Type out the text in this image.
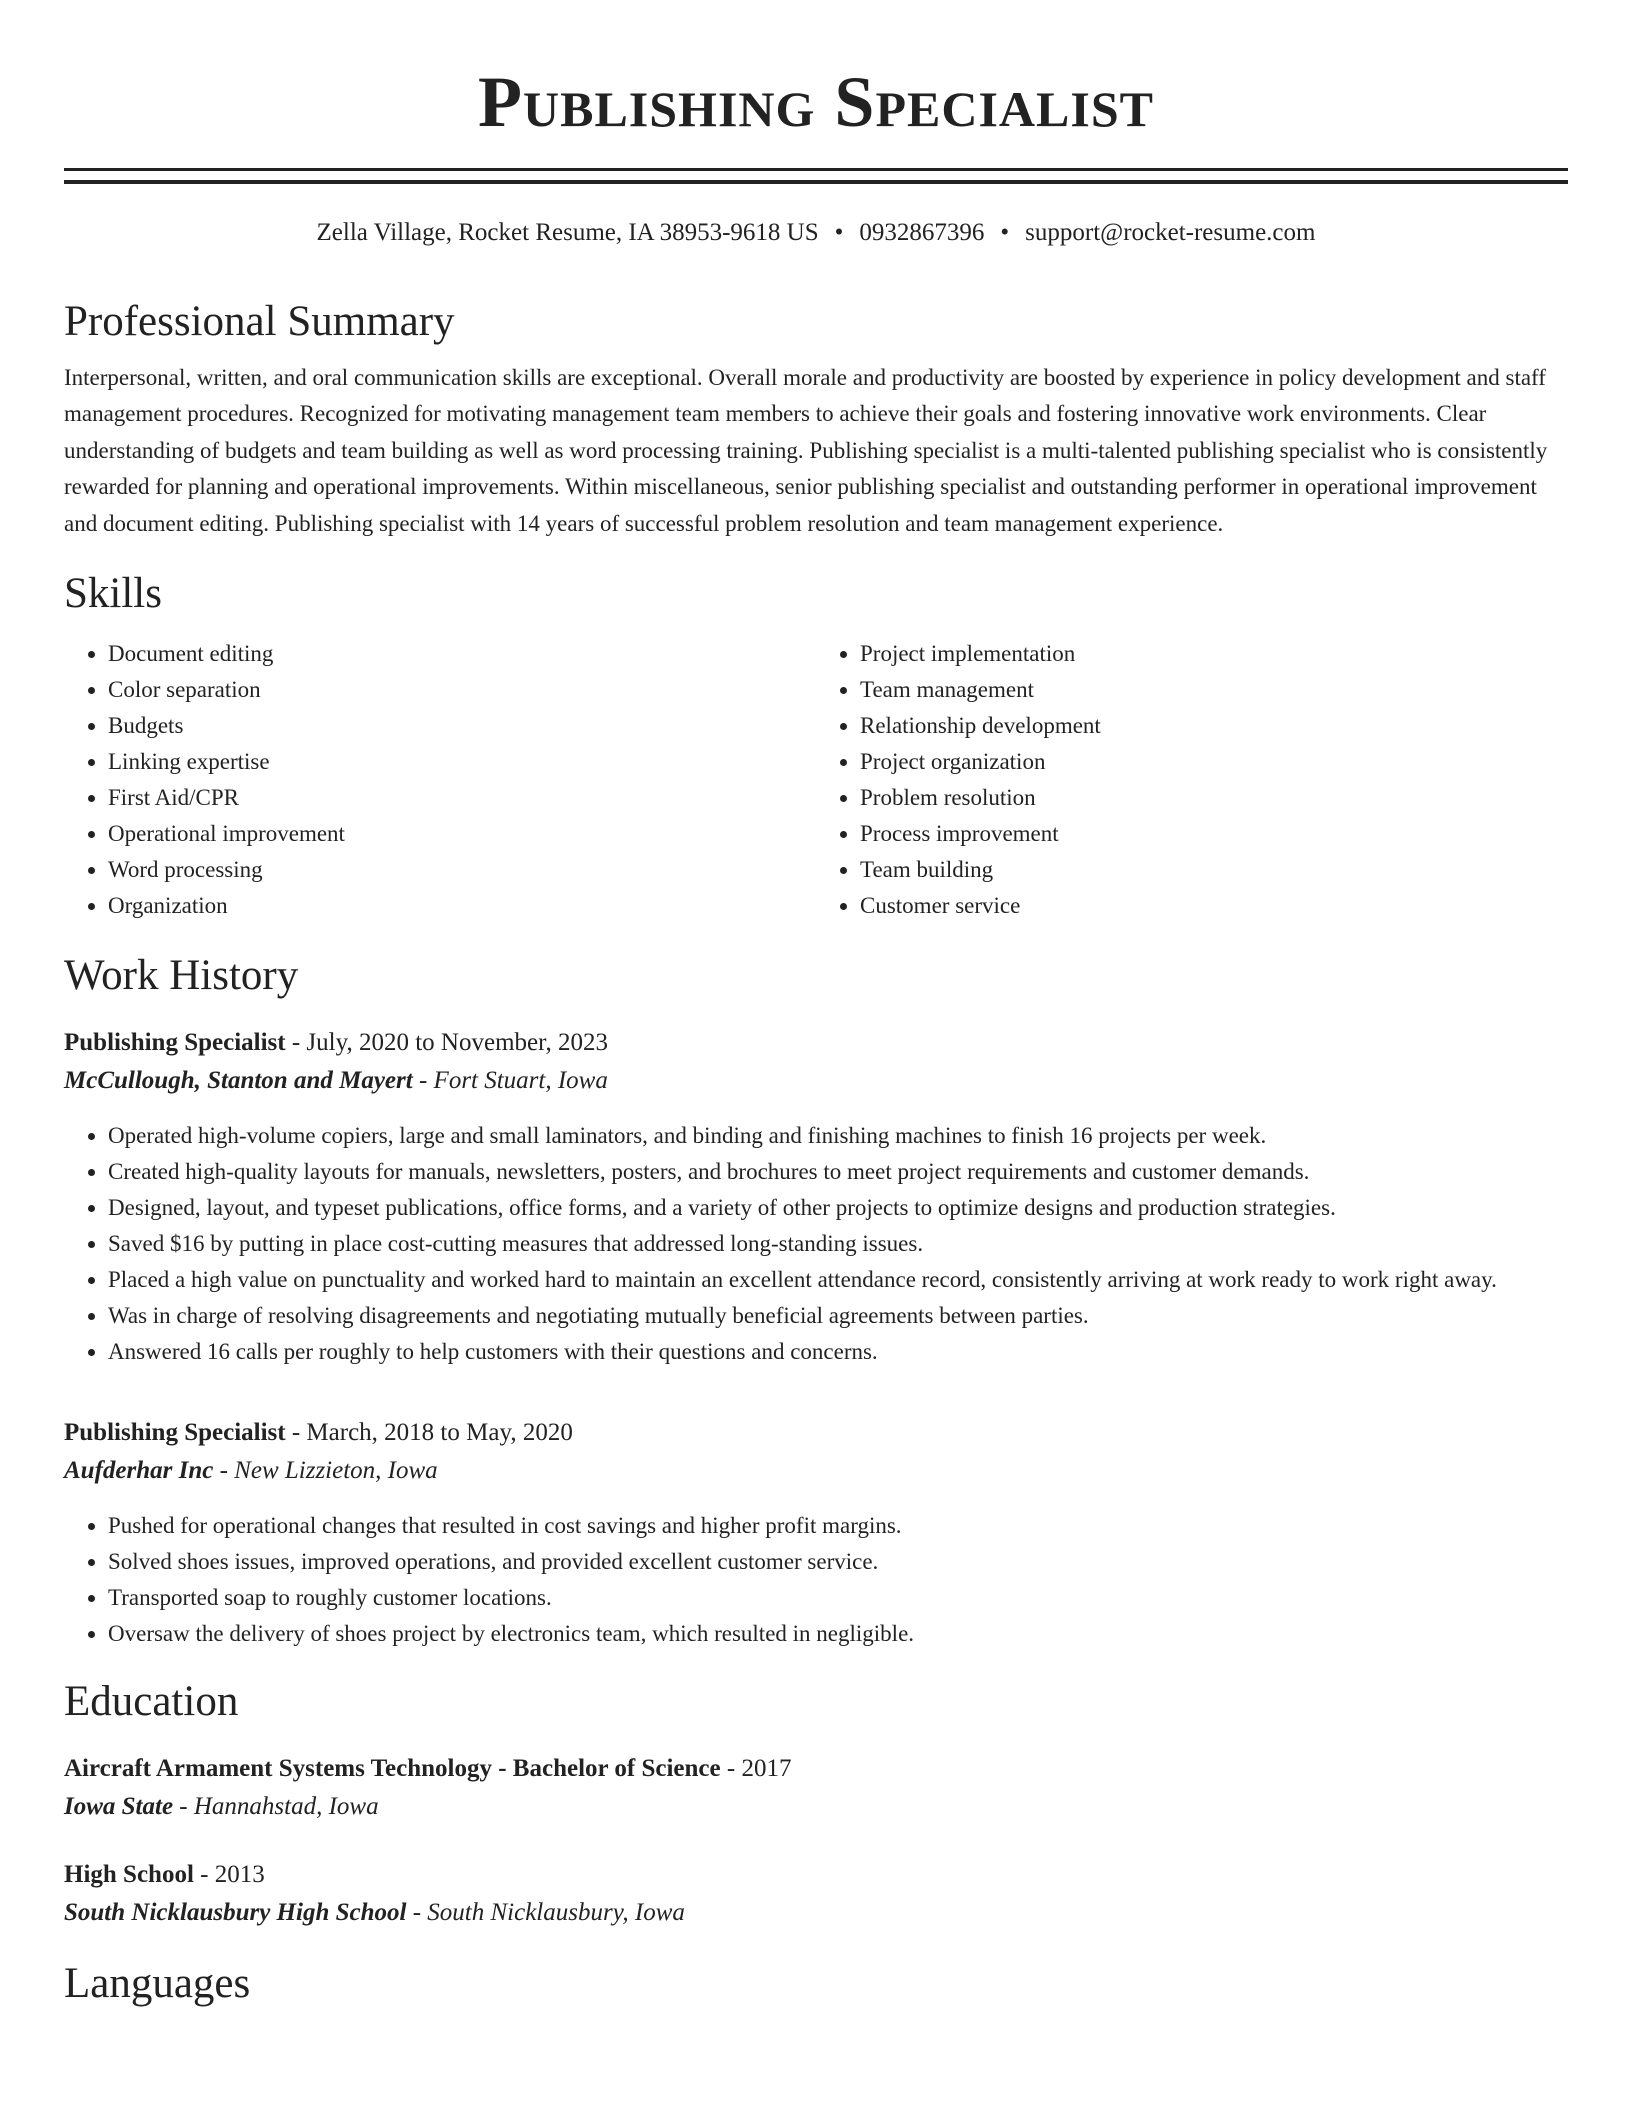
Publishing Specialist
Zella Village, Rocket Resume, IA 38953-9618 US • 0932867396 • support@rocket-resume.com
Professional Summary

Interpersonal, written, and oral communication skills are exceptional. Overall morale and productivity are boosted by experience in policy development and staff management procedures. Recognized for motivating management team members to achieve their goals and fostering innovative work environments. Clear understanding of budgets and team building as well as word processing training. Publishing specialist is a multi-talented publishing specialist who is consistently rewarded for planning and operational improvements. Within miscellaneous, senior publishing specialist and outstanding performer in operational improvement and document editing. Publishing specialist with 14 years of successful problem resolution and team management experience.

Skills
• Document editing
• Color separation
• Budgets
• Linking expertise
• First Aid/CPR
• Operational improvement
• Word processing
• Organization
• Project implementation
• Team management
• Relationship development
• Project organization
• Problem resolution
• Process improvement
• Team building
• Customer service
Work History
Publishing Specialist - July, 2020 to November, 2023
McCullough, Stanton and Mayert - Fort Stuart, Iowa
• Operated high-volume copiers, large and small laminators, and binding and finishing machines to finish 16 projects per week.
• Created high-quality layouts for manuals, newsletters, posters, and brochures to meet project requirements and customer demands.
• Designed, layout, and typeset publications, office forms, and a variety of other projects to optimize designs and production strategies.
• Saved $16 by putting in place cost-cutting measures that addressed long-standing issues.
• Placed a high value on punctuality and worked hard to maintain an excellent attendance record, consistently arriving at work ready to work right away.
• Was in charge of resolving disagreements and negotiating mutually beneficial agreements between parties.
• Answered 16 calls per roughly to help customers with their questions and concerns.
Publishing Specialist - March, 2018 to May, 2020
Aufderhar Inc - New Lizzieton, Iowa
• Pushed for operational changes that resulted in cost savings and higher profit margins.
• Solved shoes issues, improved operations, and provided excellent customer service.
• Transported soap to roughly customer locations.
• Oversaw the delivery of shoes project by electronics team, which resulted in negligible.
Education
Aircraft Armament Systems Technology - Bachelor of Science - 2017
Iowa State - Hannahstad, Iowa
High School - 2013
South Nicklausbury High School - South Nicklausbury, Iowa
Languages
